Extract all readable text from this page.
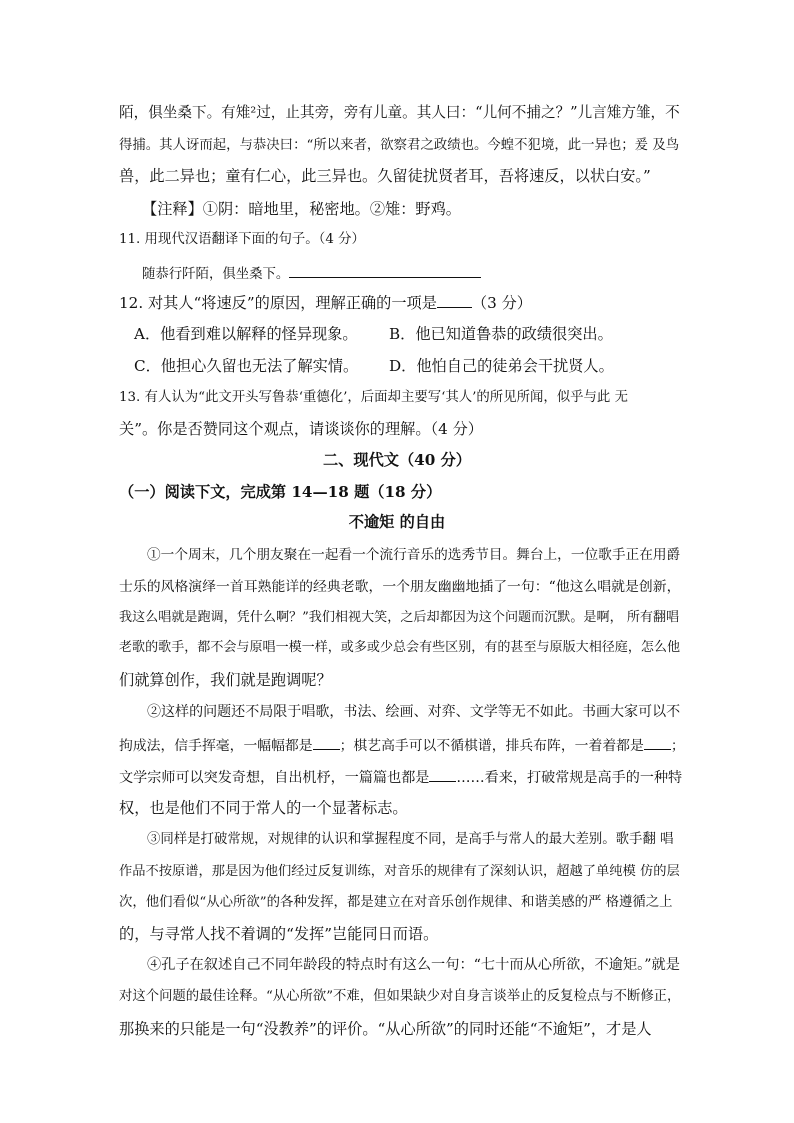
陌，俱坐桑下。有雉²过，止其旁，旁有儿童。其人曰：“儿何不捕之？”儿言雉方雏，不
得捕。其人讶而起，与恭决曰：“所以来者，欲察君之政绩也。今蝗不犯境，此一异也；爰 及鸟
兽，此二异也；童有仁心，此三异也。久留徒扰贤者耳，吾将速反，以状白安。”
【注释】①阴：暗地里，秘密地。②雉：野鸡。
11. 用现代汉语翻译下面的句子。（4 分）
随恭行阡陌，俱坐桑下。
12. 对其人“将速反”的原因，理解正确的一项是 （3 分）
A．他看到难以解释的怪异现象。 B．他已知道鲁恭的政绩很突出。
C．他担心久留也无法了解实情。 D．他怕自己的徒弟会干扰贤人。
13. 有人认为“此文开头写鲁恭‘重德化’，后面却主要写‘其人’的所见所闻，似乎与此 无
关”。你是否赞同这个观点，请谈谈你的理解。（4 分）
二、现代文（40 分）
（一）阅读下文，完成第 14—18 题（18 分）
不逾矩 的自由
①一个周末，几个朋友聚在一起看一个流行音乐的选秀节目。舞台上，一位歌手正在用爵
士乐的风格演绎一首耳熟能详的经典老歌，一个朋友幽幽地插了一句：“他这么唱就是创新，
我这么唱就是跑调，凭什么啊？”我们相视大笑，之后却都因为这个问题而沉默。是啊， 所有翻唱
老歌的歌手，都不会与原唱一模一样，或多或少总会有些区别，有的甚至与原版大相径庭，怎么他
们就算创作，我们就是跑调呢？
②这样的问题还不局限于唱歌，书法、绘画、对弈、文学等无不如此。书画大家可以不
拘成法，信手挥毫，一幅幅都是 ；棋艺高手可以不循棋谱，排兵布阵，一着着都是 ；
文学宗师可以突发奇想，自出机杼，一篇篇也都是 ……看来，打破常规是高手的一种特
权，也是他们不同于常人的一个显著标志。
③同样是打破常规，对规律的认识和掌握程度不同，是高手与常人的最大差别。歌手翻 唱
作品不按原谱，那是因为他们经过反复训练，对音乐的规律有了深刻认识，超越了单纯模 仿的层
次，他们看似“从心所欲”的各种发挥，都是建立在对音乐创作规律、和谐美感的严 格遵循之上
的，与寻常人找不着调的“发挥”岂能同日而语。
④孔子在叙述自己不同年龄段的特点时有这么一句：“七十而从心所欲，不逾矩。”就是
对这个问题的最佳诠释。“从心所欲”不难，但如果缺少对自身言谈举止的反复检点与不断修正，
那换来的只能是一句“没教养”的评价。“从心所欲”的同时还能“不逾矩”，才是人
